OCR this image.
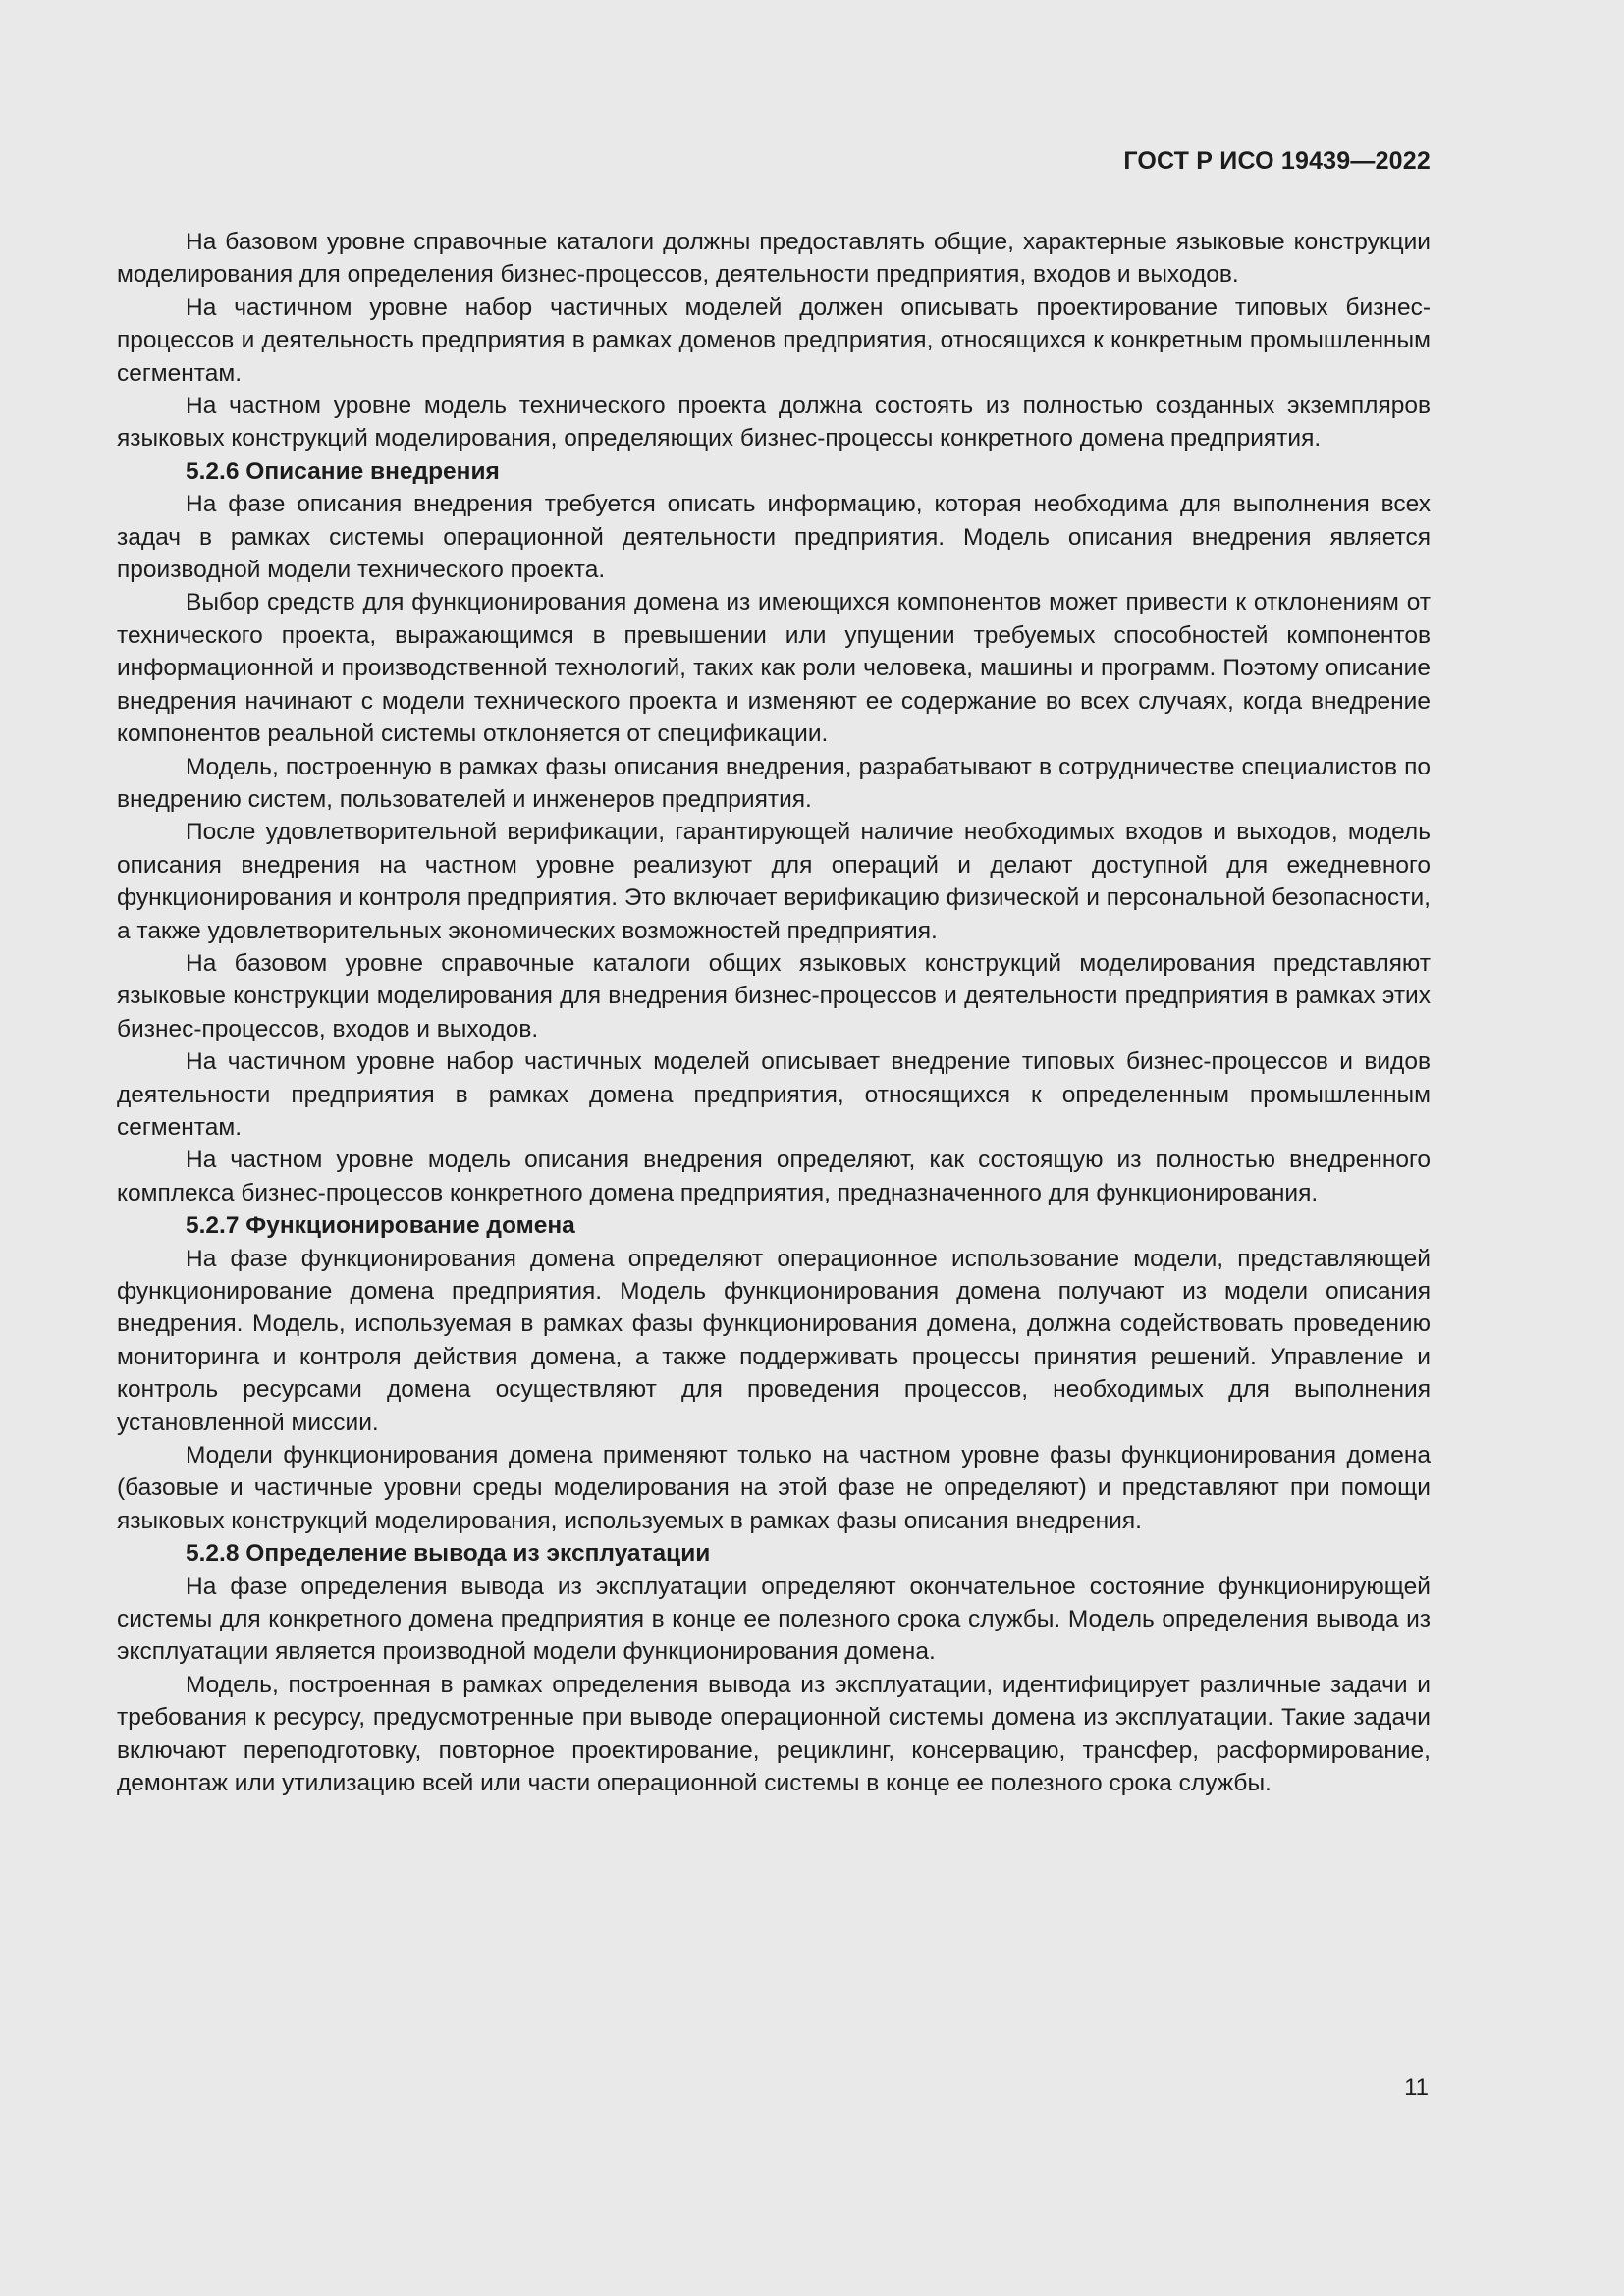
ГОСТ Р ИСО 19439—2022

На базовом уровне справочные каталоги должны предоставлять общие, характерные языковые конструкции моделирования для определения бизнес-процессов, деятельности предприятия, входов и выходов.

На частичном уровне набор частичных моделей должен описывать проектирование типовых бизнес-процессов и деятельность предприятия в рамках доменов предприятия, относящихся к конкретным промышленным сегментам.

На частном уровне модель технического проекта должна состоять из полностью созданных экземпляров языковых конструкций моделирования, определяющих бизнес-процессы конкретного домена предприятия.

5.2.6 Описание внедрения

На фазе описания внедрения требуется описать информацию, которая необходима для выполнения всех задач в рамках системы операционной деятельности предприятия. Модель описания внедрения является производной модели технического проекта.

Выбор средств для функционирования домена из имеющихся компонентов может привести к отклонениям от технического проекта, выражающимся в превышении или упущении требуемых способностей компонентов информационной и производственной технологий, таких как роли человека, машины и программ. Поэтому описание внедрения начинают с модели технического проекта и изменяют ее содержание во всех случаях, когда внедрение компонентов реальной системы отклоняется от спецификации.

Модель, построенную в рамках фазы описания внедрения, разрабатывают в сотрудничестве специалистов по внедрению систем, пользователей и инженеров предприятия.

После удовлетворительной верификации, гарантирующей наличие необходимых входов и выходов, модель описания внедрения на частном уровне реализуют для операций и делают доступной для ежедневного функционирования и контроля предприятия. Это включает верификацию физической и персональной безопасности, а также удовлетворительных экономических возможностей предприятия.

На базовом уровне справочные каталоги общих языковых конструкций моделирования представляют языковые конструкции моделирования для внедрения бизнес-процессов и деятельности предприятия в рамках этих бизнес-процессов, входов и выходов.

На частичном уровне набор частичных моделей описывает внедрение типовых бизнес-процессов и видов деятельности предприятия в рамках домена предприятия, относящихся к определенным промышленным сегментам.

На частном уровне модель описания внедрения определяют, как состоящую из полностью внедренного комплекса бизнес-процессов конкретного домена предприятия, предназначенного для функционирования.

5.2.7 Функционирование домена

На фазе функционирования домена определяют операционное использование модели, представляющей функционирование домена предприятия. Модель функционирования домена получают из модели описания внедрения. Модель, используемая в рамках фазы функционирования домена, должна содействовать проведению мониторинга и контроля действия домена, а также поддерживать процессы принятия решений. Управление и контроль ресурсами домена осуществляют для проведения процессов, необходимых для выполнения установленной миссии.

Модели функционирования домена применяют только на частном уровне фазы функционирования домена (базовые и частичные уровни среды моделирования на этой фазе не определяют) и представляют при помощи языковых конструкций моделирования, используемых в рамках фазы описания внедрения.

5.2.8 Определение вывода из эксплуатации

На фазе определения вывода из эксплуатации определяют окончательное состояние функционирующей системы для конкретного домена предприятия в конце ее полезного срока службы. Модель определения вывода из эксплуатации является производной модели функционирования домена.

Модель, построенная в рамках определения вывода из эксплуатации, идентифицирует различные задачи и требования к ресурсу, предусмотренные при выводе операционной системы домена из эксплуатации. Такие задачи включают переподготовку, повторное проектирование, рециклинг, консервацию, трансфер, расформирование, демонтаж или утилизацию всей или части операционной системы в конце ее полезного срока службы.

11
